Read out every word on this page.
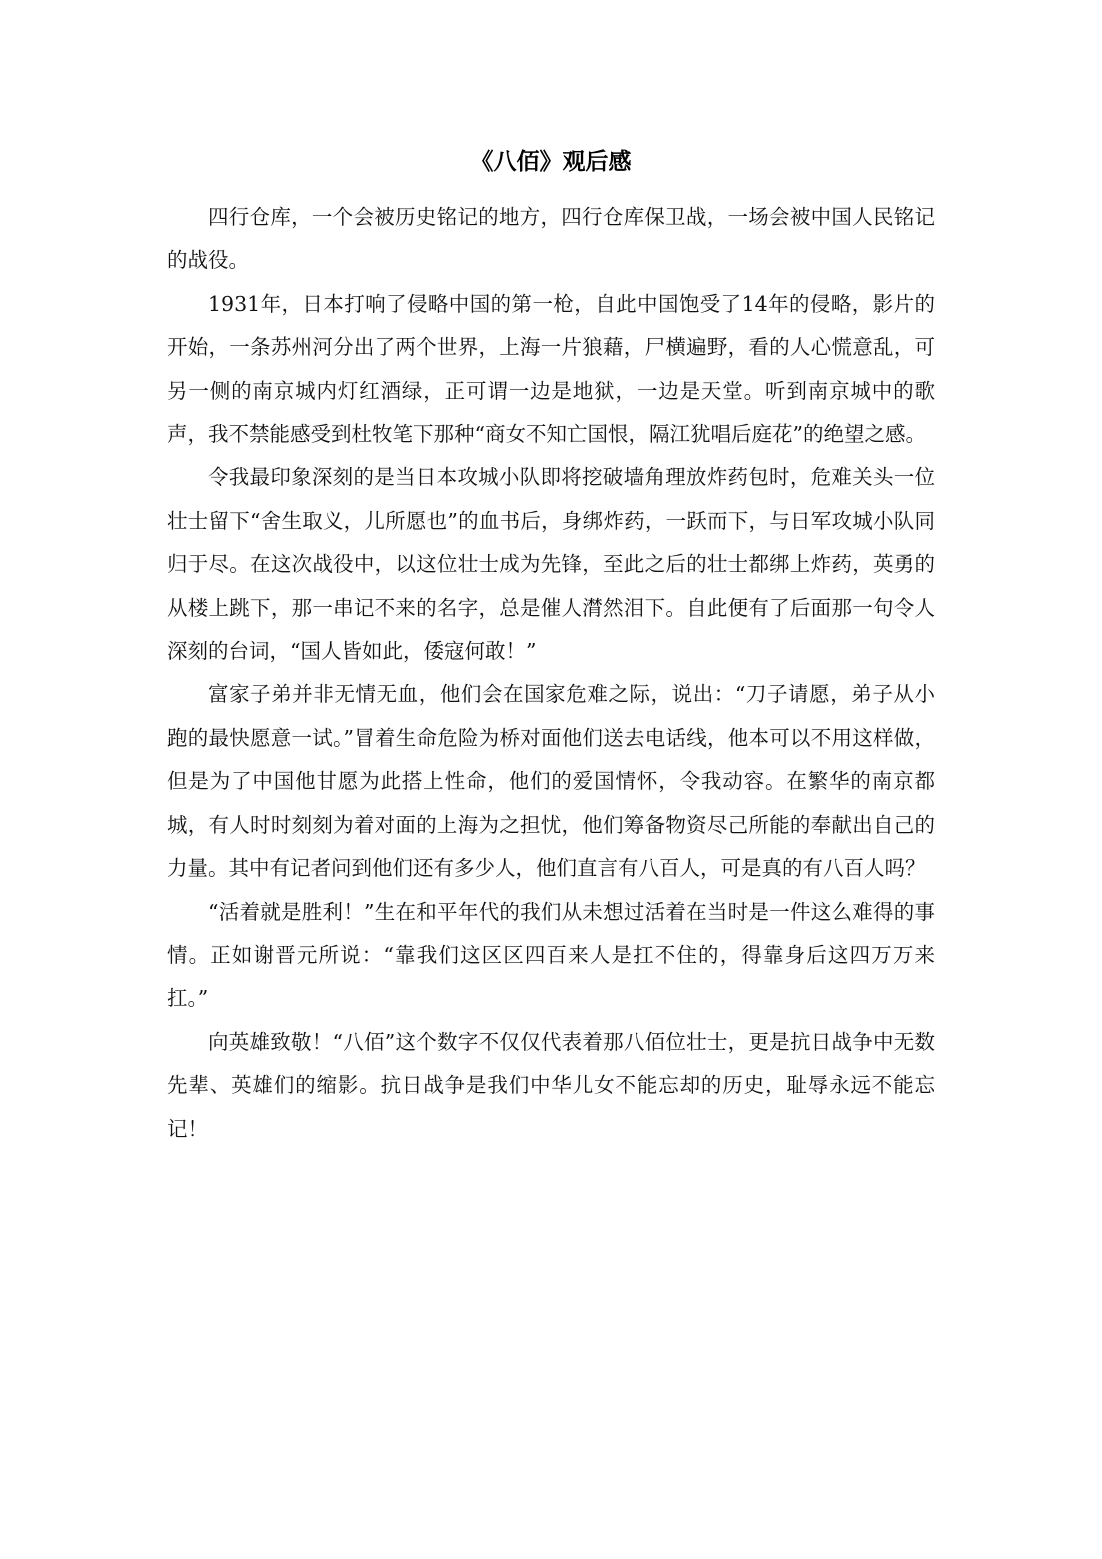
《八佰》观后感

四行仓库，一个会被历史铭记的地方，四行仓库保卫战，一场会被中国人民铭记的战役。

1931年，日本打响了侵略中国的第一枪，自此中国饱受了14年的侵略，影片的开始，一条苏州河分出了两个世界，上海一片狼藉，尸横遍野，看的人心慌意乱，可另一侧的南京城内灯红酒绿，正可谓一边是地狱，一边是天堂。听到南京城中的歌声，我不禁能感受到杜牧笔下那种“商女不知亡国恨，隔江犹唱后庭花”的绝望之感。

令我最印象深刻的是当日本攻城小队即将挖破墙角理放炸药包时，危难关头一位壮士留下“舍生取义，儿所愿也”的血书后，身绑炸药，一跃而下，与日军攻城小队同归于尽。在这次战役中，以这位壮士成为先锋，至此之后的壮士都绑上炸药，英勇的从楼上跳下，那一串记不来的名字，总是催人潸然泪下。自此便有了后面那一句令人深刻的台词，“国人皆如此，倭寇何敢！”

富家子弟并非无情无血，他们会在国家危难之际，说出：“刀子请愿，弟子从小跑的最快愿意一试。”冒着生命危险为桥对面他们送去电话线，他本可以不用这样做，但是为了中国他甘愿为此搭上性命，他们的爱国情怀，令我动容。在繁华的南京都城，有人时时刻刻为着对面的上海为之担忧，他们筹备物资尽己所能的奉献出自己的力量。其中有记者问到他们还有多少人，他们直言有八百人，可是真的有八百人吗？

“活着就是胜利！”生在和平年代的我们从未想过活着在当时是一件这么难得的事情。正如谢晋元所说：“靠我们这区区四百来人是扛不住的，得靠身后这四万万来扛。”

向英雄致敬！“八佰”这个数字不仅仅代表着那八佰位壮士，更是抗日战争中无数先辈、英雄们的缩影。抗日战争是我们中华儿女不能忘却的历史，耻辱永远不能忘记！
